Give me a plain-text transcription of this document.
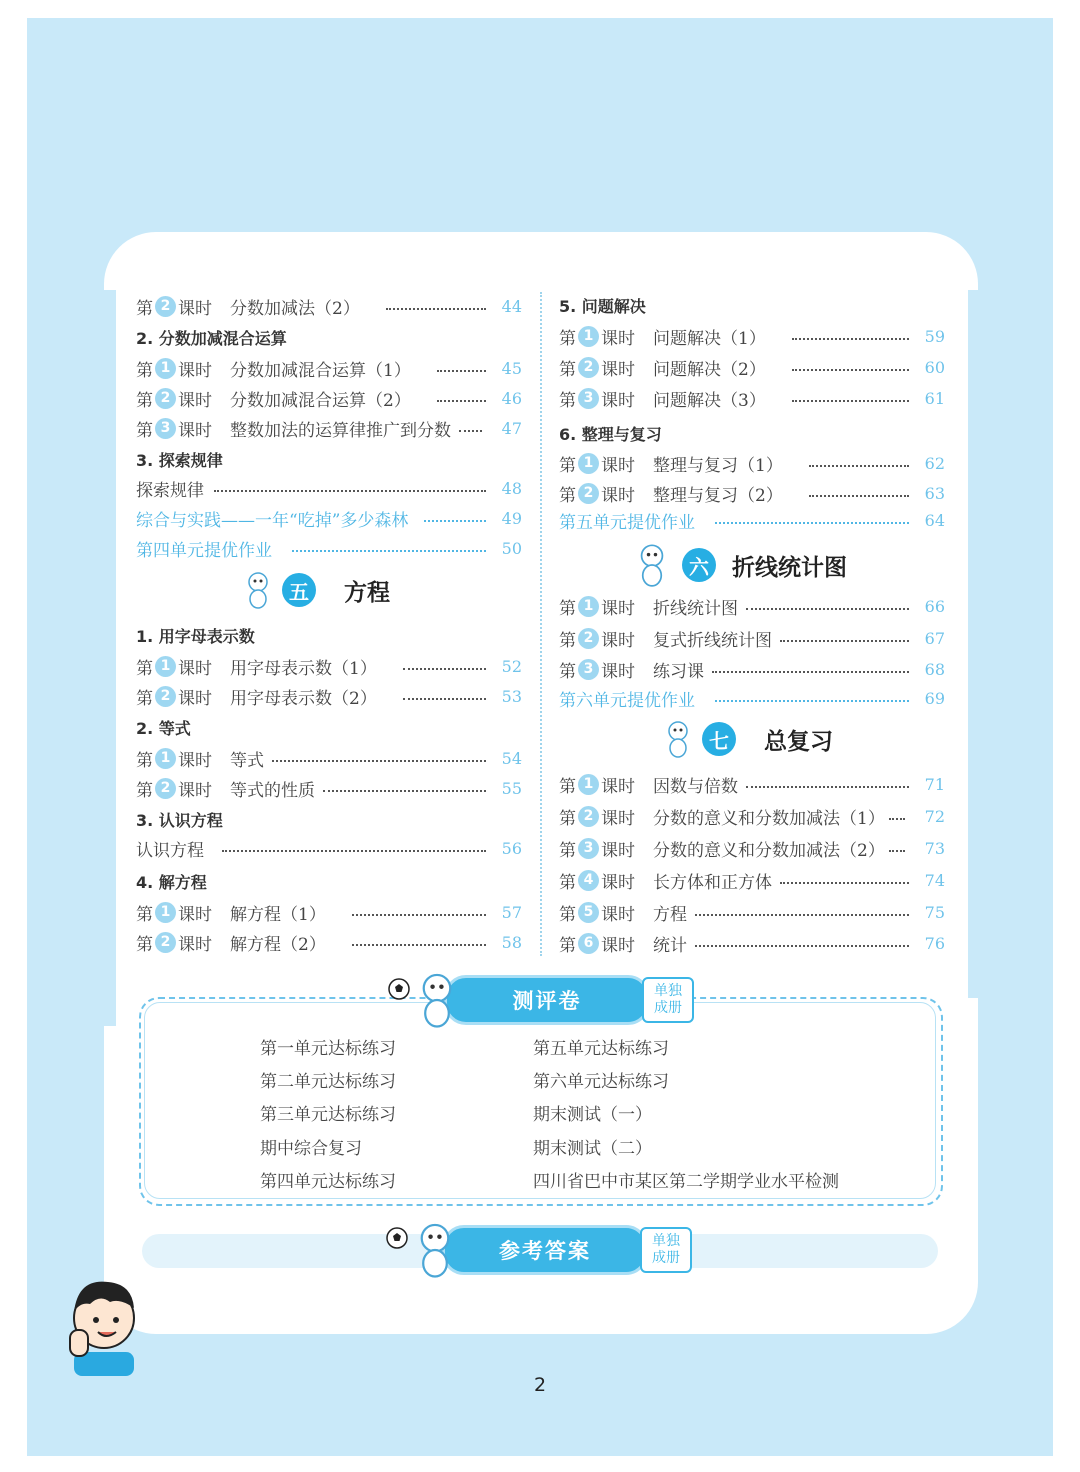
第 2 课时 分数加减法（2）	44
2. 分数加减混合运算
第 1 课时 分数加减混合运算（1）	45
第 2 课时 分数加减混合运算（2）	46
第 3 课时 整数加法的运算律推广到分数	47
3. 探索规律
探索规律	48
综合与实践——一年“吃掉”多少森林	49
第四单元提优作业	50
五	方程
1. 用字母表示数
第 1 课时 用字母表示数（1）	52
第 2 课时 用字母表示数（2）	53
2. 等式
第 1 课时 等式	54
第 2 课时 等式的性质	55
3. 认识方程
认识方程	56
4. 解方程
第 1 课时 解方程（1）	57
第 2 课时 解方程（2）	58
5. 问题解决
第 1 课时 问题解决（1）	59
第 2 课时 问题解决（2）	60
第 3 课时 问题解决（3）	61
6. 整理与复习
第 1 课时 整理与复习（1）	62
第 2 课时 整理与复习（2）	63
第五单元提优作业	64
六	折线统计图
第 1 课时 折线统计图	66
第 2 课时 复式折线统计图	67
第 3 课时 练习课	68
第六单元提优作业	69
七	总复习
第 1 课时 因数与倍数	71
第 2 课时 分数的意义和分数加减法（1）	72
第 3 课时 分数的意义和分数加减法（2）	73
第 4 课时 长方体和正方体	74
第 5 课时 方程	75
第 6 课时 统计	76
测评卷	单独
成册
第一单元达标练习
第二单元达标练习
第三单元达标练习
期中综合复习
第四单元达标练习
第五单元达标练习
第六单元达标练习
期末测试（一）
期末测试（二）
四川省巴中市某区第二学期学业水平检测
参考答案	单独
成册
2
